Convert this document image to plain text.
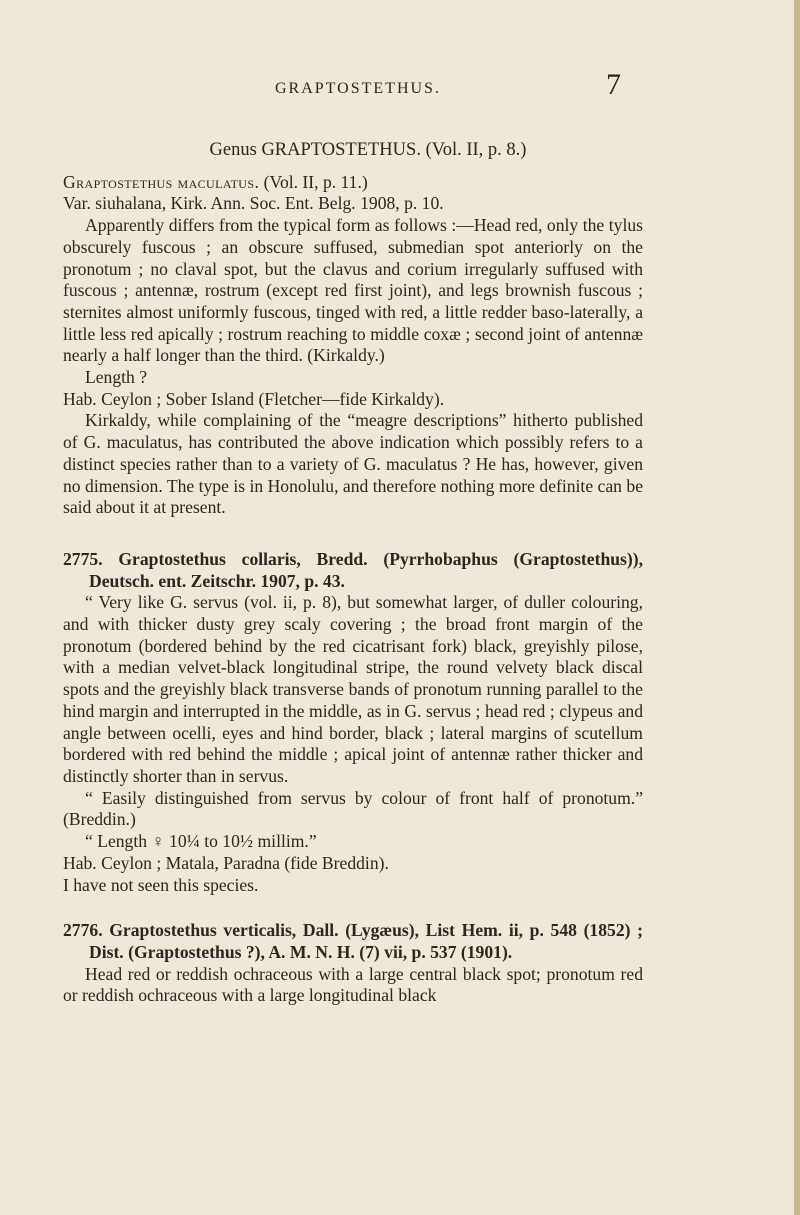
GRAPTOSTETHUS.	7

Genus GRAPTOSTETHUS. (Vol. II, p. 8.)

Graptostethus maculatus. (Vol. II, p. 11.)

Var. siuhalana, Kirk. Ann. Soc. Ent. Belg. 1908, p. 10.

Apparently differs from the typical form as follows :—Head red, only the tylus obscurely fuscous ; an obscure suffused, submedian spot anteriorly on the pronotum ; no claval spot, but the clavus and corium irregularly suffused with fuscous ; antennæ, rostrum (except red first joint), and legs brownish fuscous ; sternites almost uniformly fuscous, tinged with red, a little redder baso-laterally, a little less red apically ; rostrum reaching to middle coxæ ; second joint of antennæ nearly a half longer than the third. (Kirkaldy.)

Length ?

Hab. Ceylon ; Sober Island (Fletcher—fide Kirkaldy).

Kirkaldy, while complaining of the “meagre descriptions” hitherto published of G. maculatus, has contributed the above indication which possibly refers to a distinct species rather than to a variety of G. maculatus ? He has, however, given no dimension. The type is in Honolulu, and therefore nothing more definite can be said about it at present.

2775. Graptostethus collaris, Bredd. (Pyrrhobaphus (Graptostethus)), Deutsch. ent. Zeitschr. 1907, p. 43.

“ Very like G. servus (vol. ii, p. 8), but somewhat larger, of duller colouring, and with thicker dusty grey scaly covering ; the broad front margin of the pronotum (bordered behind by the red cicatrisant fork) black, greyishly pilose, with a median velvet-black longitudinal stripe, the round velvety black discal spots and the greyishly black transverse bands of pronotum running parallel to the hind margin and interrupted in the middle, as in G. servus ; head red ; clypeus and angle between ocelli, eyes and hind border, black ; lateral margins of scutellum bordered with red behind the middle ; apical joint of antennæ rather thicker and distinctly shorter than in servus.

“ Easily distinguished from servus by colour of front half of pronotum.” (Breddin.)

“ Length ♀ 10¼ to 10½ millim.”

Hab. Ceylon ; Matala, Paradna (fide Breddin).

I have not seen this species.

2776. Graptostethus verticalis, Dall. (Lygæus), List Hem. ii, p. 548 (1852) ; Dist. (Graptostethus ?), A. M. N. H. (7) vii, p. 537 (1901).

Head red or reddish ochraceous with a large central black spot; pronotum red or reddish ochraceous with a large longitudinal black
